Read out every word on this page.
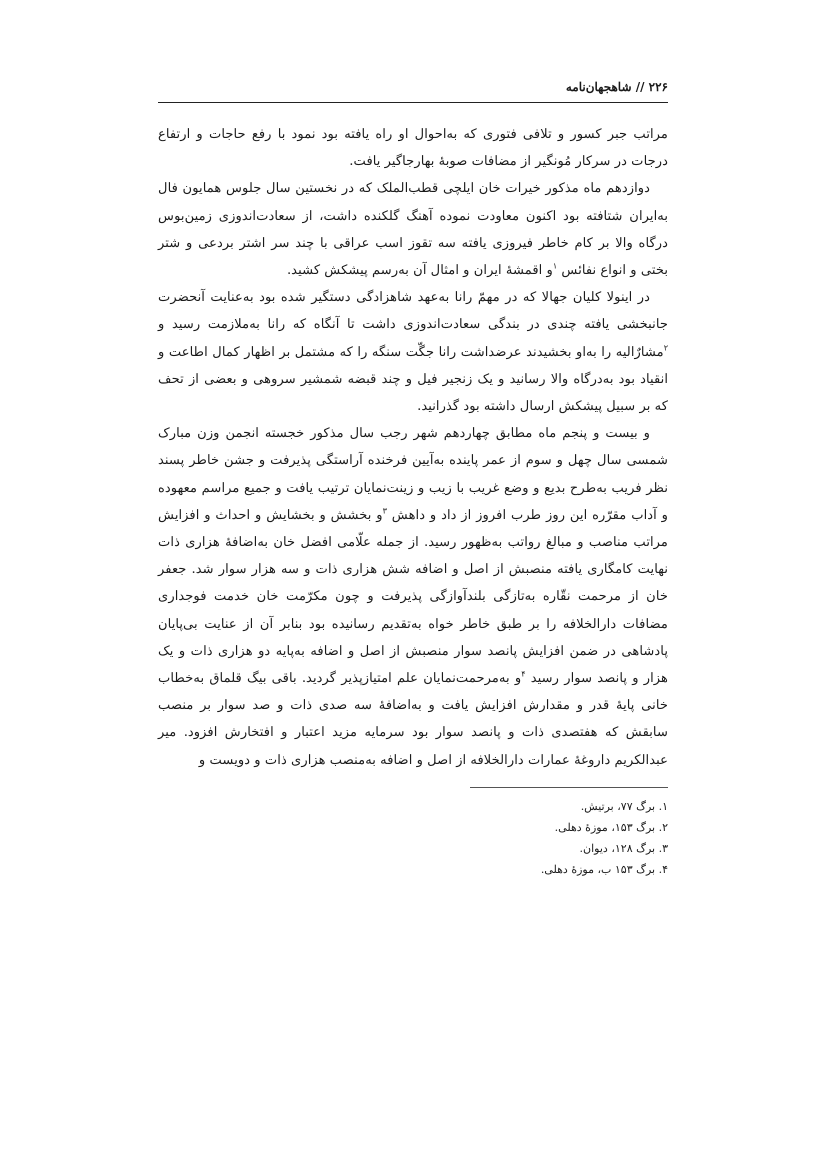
۲۲۶ // شاهجهان‌نامه

مراتب جبر کسور و تلافی فتوری که به‌احوال او راه یافته بود نمود با رفع حاجات و ارتفاع درجات در سرکار مُونگیر از مضافات صوبهٔ بهارجاگیر یافت.

دوازدهم ماه مذکور خیرات خان ایلچی قطب‌الملک که در نخستین سال جلوس همایون فال به‌ایران شتافته بود اکنون معاودت نموده آهنگ گلکنده داشت، از سعادت‌اندوزی زمین‌بوس درگاه والا بر کام خاطر فیروزی یافته سه تقوز اسب عراقی با چند سر اشتر بردعی و شتر بختی و انواع نفائس $^۱$و اقمشهٔ ایران و امثال آن به‌رسم پیشکش کشید.

در اینولا کلیان جهالا که در مهمّ رانا به‌عهد شاهزادگی دستگیر شده بود به‌عنایت آنحضرت جانبخشی یافته چندی در بندگی سعادت‌اندوزی داشت تا آنگاه که رانا به‌ملازمت رسید و $^۲$مشارٌالیه را به‌او بخشیدند عرضداشت رانا جگّت سنگه را که مشتمل بر اظهار کمال اطاعت و انقیاد بود به‌درگاه والا رسانید و یک زنجیر فیل و چند قبضه شمشیر سروهی و بعضی از تحف که بر سبیل پیشکش ارسال داشته بود گذرانید.

و بیست و پنجم ماه مطابق چهاردهم شهر رجب سال مذکور خجسته انجمن وزن مبارک شمسی سال چهل و سوم از عمر پاینده به‌آیین فرخنده آراستگی پذیرفت و جشن خاطر پسند نظر فریب به‌طرح بدیع و وضع غریب با زیب و زینت‌نمایان ترتیب یافت و جمیع مراسم معهوده و آداب مقرّره این روز طرب افروز از داد و داهش $^۳$و بخشش و بخشایش و احداث و افزایش مراتب مناصب و مبالغ رواتب به‌ظهور رسید. از جمله علّامی افضل خان به‌اضافهٔ هزاری ذات نهایت کامگاری یافته منصبش از اصل و اضافه شش هزاری ذات و سه هزار سوار شد. جعفر خان از مرحمت نقّاره به‌تازگی بلندآوازگی پذیرفت و چون مکرّمت خان خدمت فوجداری مضافات دارالخلافه را بر طبق خاطر خواه به‌تقدیم رسانیده بود بنابر آن از عنایت بی‌پایان پادشاهی در ضمن افزایش پانصد سوار منصبش از اصل و اضافه به‌پایه دو هزاری ذات و یک هزار و پانصد سوار رسید $^۴$و به‌مرحمت‌نمایان علم امتیازپذیر گردید. باقی بیگ قلماق به‌خطاب خانی پایهٔ قدر و مقدارش افزایش یافت و به‌اضافهٔ سه صدی ذات و صد سوار بر منصب سابقش که هفتصدی ذات و پانصد سوار بود سرمایه مزید اعتبار و افتخارش افزود. میر عبدالکریم داروغهٔ عمارات دارالخلافه از اصل و اضافه به‌منصب هزاری ذات و دویست و

۱. برگ ۷۷، برتیش.
۲. برگ ۱۵۳، موزهٔ دهلی.
۳. برگ ۱۲۸، دیوان.
۴. برگ ۱۵۳ ب، موزهٔ دهلی.
